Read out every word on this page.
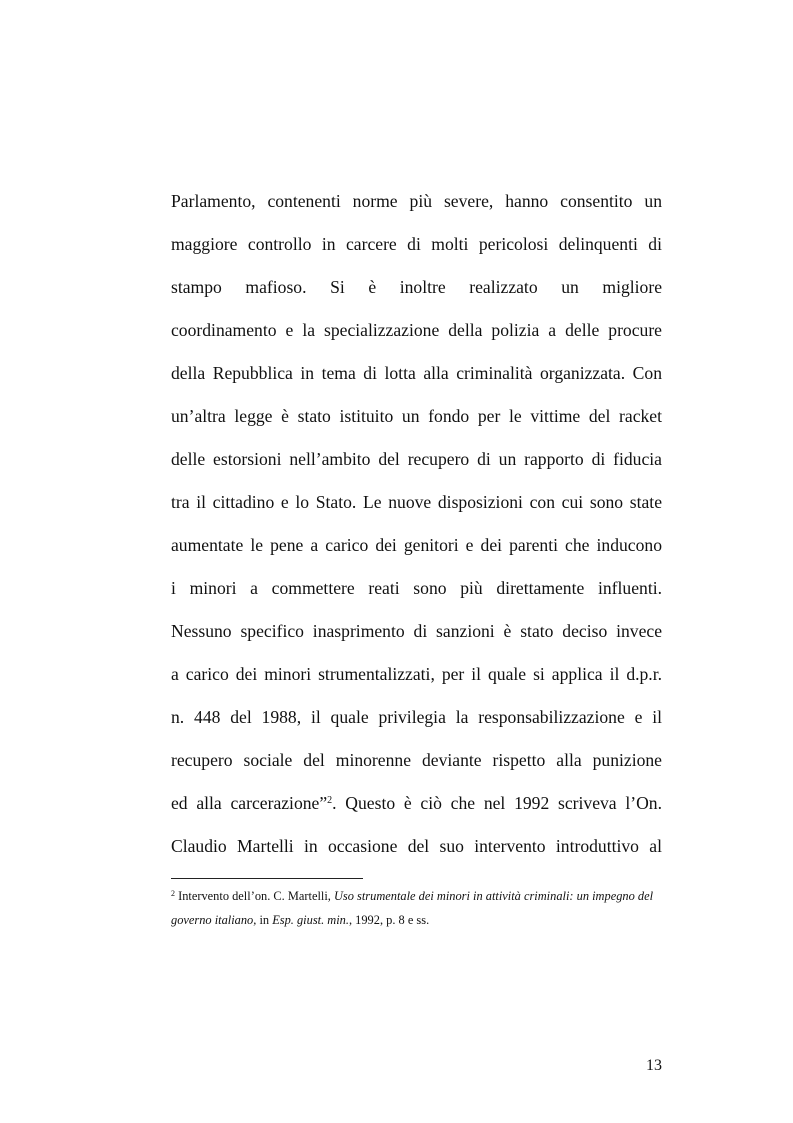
Parlamento, contenenti norme più severe, hanno consentito un
maggiore controllo in carcere di molti pericolosi delinquenti di
stampo mafioso. Si è inoltre realizzato un migliore
coordinamento e la specializzazione della polizia a delle procure
della Repubblica in tema di lotta alla criminalità organizzata. Con
un’altra legge è stato istituito un fondo per le vittime del racket
delle estorsioni nell’ambito del recupero di un rapporto di fiducia
tra il cittadino e lo Stato. Le nuove disposizioni con cui sono state
aumentate le pene a carico dei genitori e dei parenti che inducono
i minori a commettere reati sono più direttamente influenti.
Nessuno specifico inasprimento di sanzioni è stato deciso invece
a carico dei minori strumentalizzati, per il quale si applica il d.p.r.
n. 448 del 1988, il quale privilegia la responsabilizzazione e il
recupero sociale del minorenne deviante rispetto alla punizione
ed alla carcerazione”$^2$. Questo è ciò che nel 1992 scriveva l’On.
Claudio Martelli in occasione del suo intervento introduttivo al
$^2$ Intervento dell’on. C. Martelli, Uso strumentale dei minori in attività criminali: un impegno del governo italiano, in Esp. giust. min., 1992, p. 8 e ss.
13
